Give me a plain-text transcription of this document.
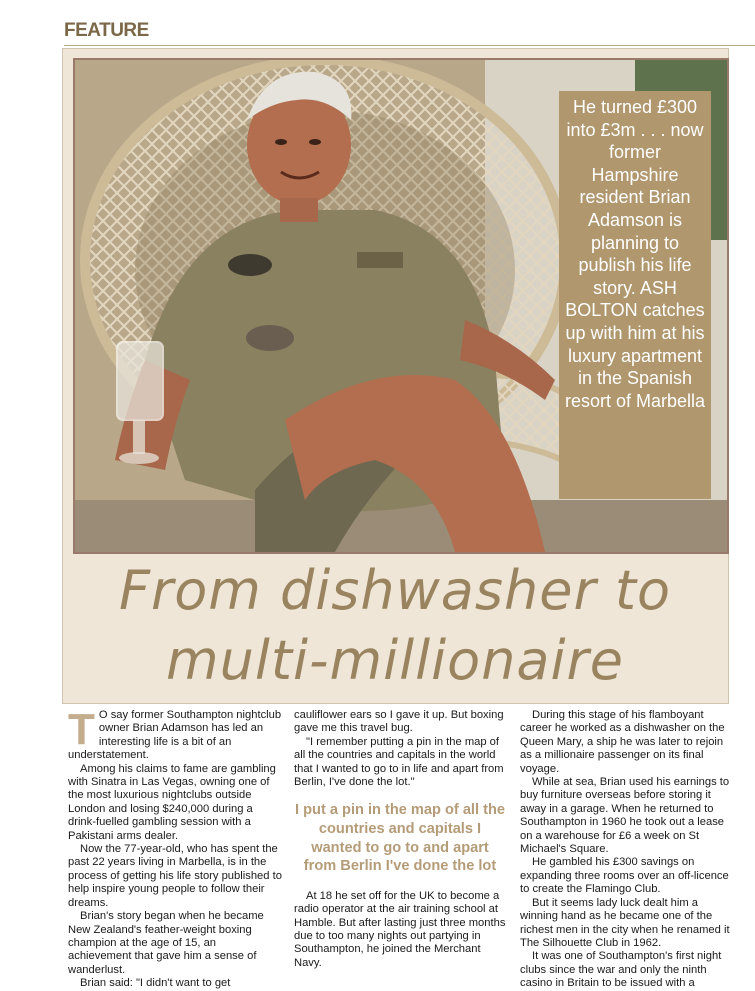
FEATURE
He turned £300 into £3m . . . now former Hampshire resident Brian Adamson is planning to publish his life story. ASH BOLTON catches up with him at his luxury apartment in the Spanish resort of Marbella
From dishwasher to
multi-millionaire

T O say former Southampton nightclub owner Brian Adamson has led an interesting life is a bit of an understatement.

Among his claims to fame are gambling with Sinatra in Las Vegas, owning one of the most luxurious nightclubs outside London and losing $240,000 during a drink-fuelled gambling session with a Pakistani arms dealer.

Now the 77-year-old, who has spent the past 22 years living in Marbella, is in the process of getting his life story published to help inspire young people to follow their dreams.

Brian's story began when he became New Zealand's feather-weight boxing champion at the age of 15, an achievement that gave him a sense of wanderlust.

Brian said: "I didn't want to get

cauliflower ears so I gave it up. But boxing gave me this travel bug.

"I remember putting a pin in the map of all the countries and capitals in the world that I wanted to go to in life and apart from Berlin, I've done the lot."

I put a pin in the map of all the countries and capitals I wanted to go to and apart from Berlin I've done the lot

At 18 he set off for the UK to become a radio operator at the air training school at Hamble. But after lasting just three months due to too many nights out partying in Southampton, he joined the Merchant Navy.

During this stage of his flamboyant career he worked as a dishwasher on the Queen Mary, a ship he was later to rejoin as a millionaire passenger on its final voyage.

While at sea, Brian used his earnings to buy furniture overseas before storing it away in a garage. When he returned to Southampton in 1960 he took out a lease on a warehouse for £6 a week on St Michael's Square.

He gambled his £300 savings on expanding three rooms over an off-licence to create the Flamingo Club.

But it seems lady luck dealt him a winning hand as he became one of the richest men in the city when he renamed it The Silhouette Club in 1962.

It was one of Southampton's first night clubs since the war and only the ninth casino in Britain to be issued with a
